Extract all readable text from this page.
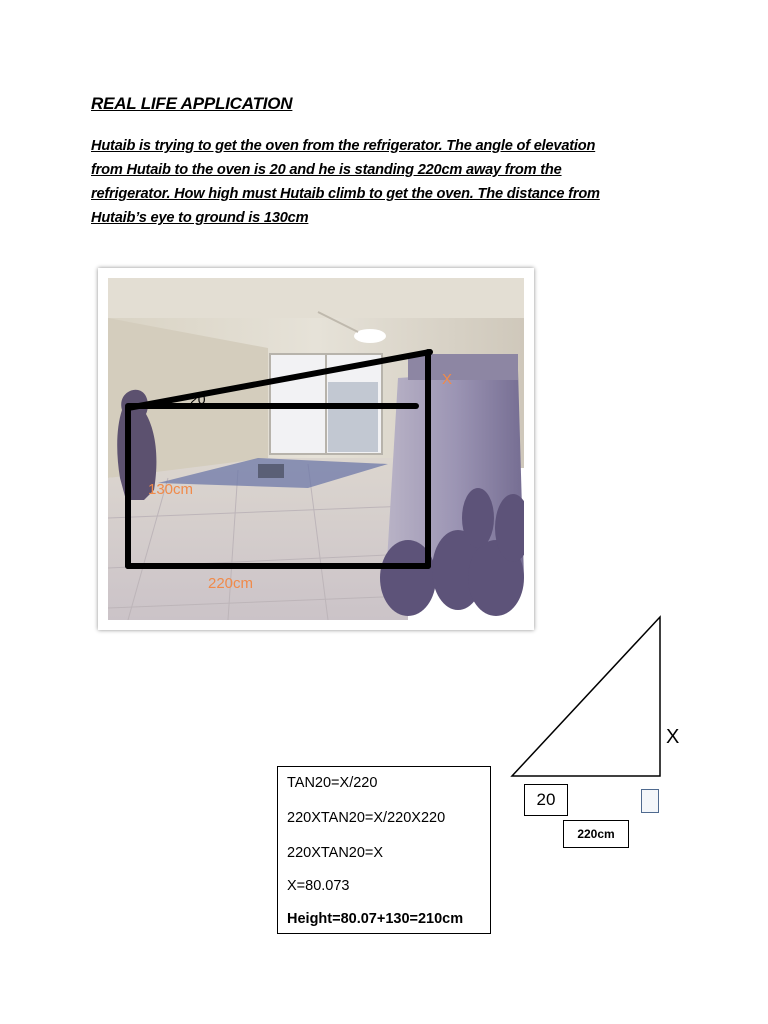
REAL LIFE APPLICATION

Hutaib is trying to get the oven from the refrigerator. The angle of elevation

from Hutaib to the oven is 20 and he is standing 220cm away from the

refrigerator. How high must Hutaib climb to get the oven. The distance from

Hutaib’s eye to ground is 130cm

20
130cm
220cm
X
X
20
220cm
TAN20=X/220
220XTAN20=X/220X220
220XTAN20=X
X=80.073
Height=80.07+130=210cm
